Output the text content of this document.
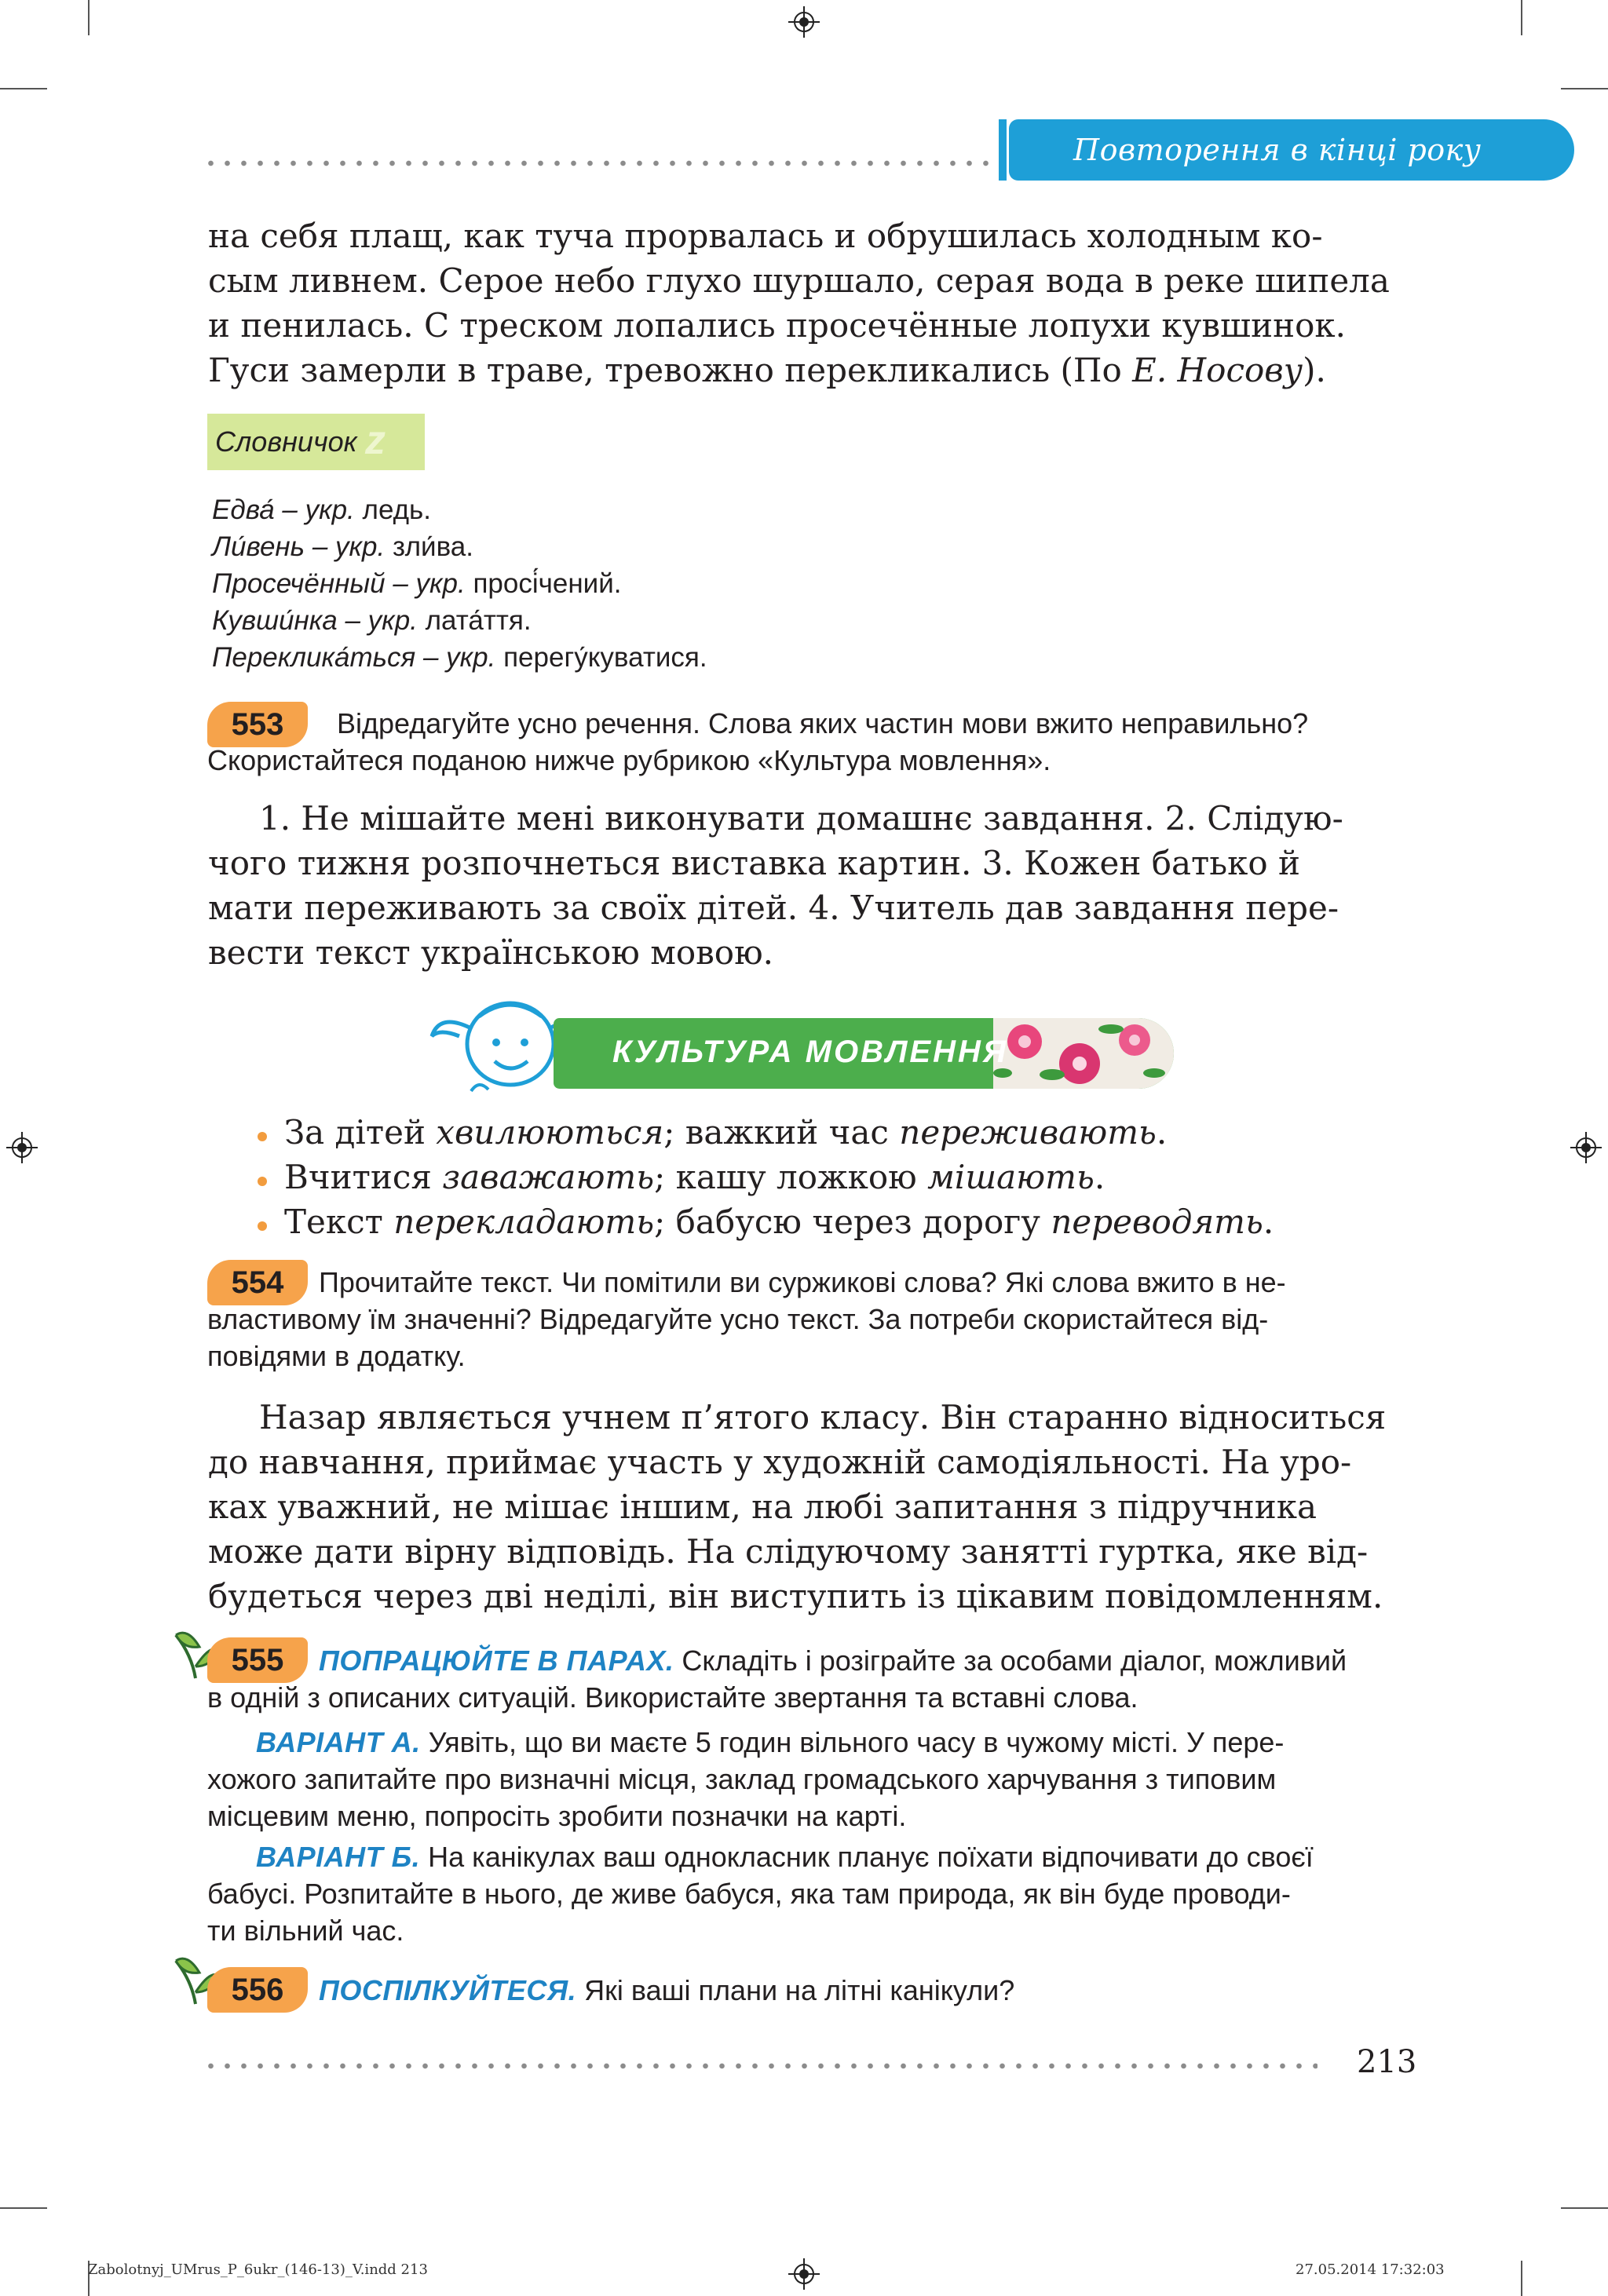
Повторення в кінці року
на себя плащ, как туча прорвалась и обрушилась холодным ко-
сым ливнем. Серое небо глухо шуршало, серая вода в реке шипела
и пенилась. С треском лопались просечённые лопухи кувшинок.
Гуси замерли в траве, тревожно перекликались (По Е. Носову).
Словничок z
Едва́ – укр. ледь.
Ли́вень – укр. зли́ва.
Просечённый – укр. просі́чений.
Кувши́нка – укр. лата́ття.
Переклика́ться – укр. перегу́куватися.
553	Відредагуйте усно речення. Слова яких частин мови вжито неправильно?
Скористайтеся поданою нижче рубрикою «Культура мовлення».
1. Не мішайте мені виконувати домашнє завдання. 2. Слідую-
чого тижня розпочнеться виставка картин. 3. Кожен батько й
мати переживають за своїх дітей. 4. Учитель дав завдання пере-
вести текст українською мовою.
КУЛЬТУРА МОВЛЕННЯ
За дітей хвилюються; важкий час переживають.
Вчитися заважають; кашу ложкою мішають.
Текст перекладають; бабусю через дорогу переводять.
554	Прочитайте текст. Чи помітили ви суржикові слова? Які слова вжито в не-
властивому їм значенні? Відредагуйте усно текст. За потреби скористайтеся від-
повідями в додатку.
Назар являється учнем п’ятого класу. Він старанно відноситься
до навчання, приймає участь у художній самодіяльності. На уро-
ках уважний, не мішає іншим, на любі запитання з підручника
може дати вірну відповідь. На слідуючому занятті гуртка, яке від-
будеться через дві неділі, він виступить із цікавим повідомленням.
555	ПОПРАЦЮЙТЕ В ПАРАХ. Складіть і розіграйте за особами діалог, можливий
в одній з описаних ситуацій. Використайте звертання та вставні слова.
ВАРІАНТ А. Уявіть, що ви маєте 5 годин вільного часу в чужому місті. У пере-
хожого запитайте про визначні місця, заклад громадського харчування з типовим
місцевим меню, попросіть зробити позначки на карті.
ВАРІАНТ Б. На канікулах ваш однокласник планує поїхати відпочивати до своєї
бабусі. Розпитайте в нього, де живе бабуся, яка там природа, як він буде проводи-
ти вільний час.
556	ПОСПІЛКУЙТЕСЯ. Які ваші плани на літні канікули?
213
Zabolotnyj_UMrus_P_6ukr_(146-13)_V.indd 213	27.05.2014 17:32:03
